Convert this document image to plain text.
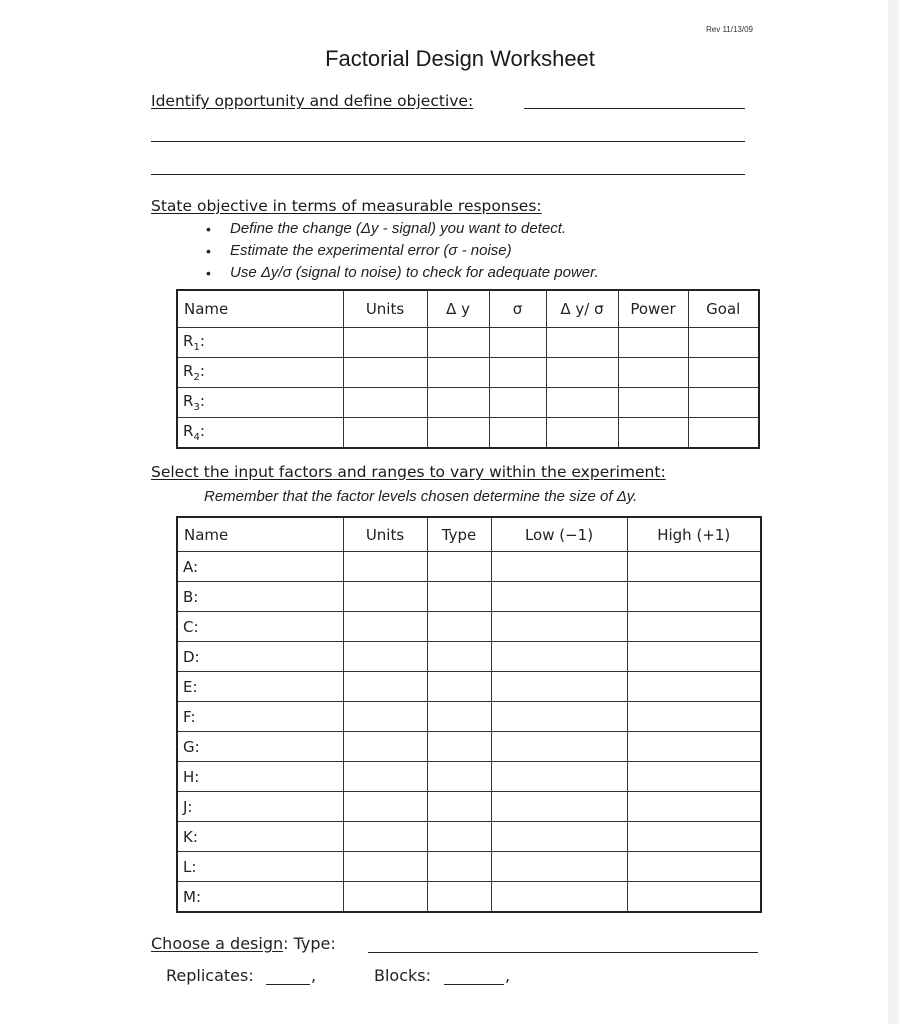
Rev 11/13/09
Factorial Design Worksheet
Identify opportunity and define objective:
State objective in terms of measurable responses:
• Define the change (Δy - signal) you want to detect.
• Estimate the experimental error (σ - noise)
• Use Δy/σ (signal to noise) to check for adequate power.
Name	Units	Δ y	σ	Δ y/ σ	Power	Goal
$R_1$:						
$R_2$:						
$R_3$:						
$R_4$:						
Select the input factors and ranges to vary within the experiment:
Remember that the factor levels chosen determine the size of Δy.
Name	Units	Type	Low (−1)	High (+1)
A:				
B:				
C:				
D:				
E:				
F:				
G:				
H:				
J:				
K:				
L:				
M:				
Choose a design: Type:
Replicates:	,	Blocks:	,
